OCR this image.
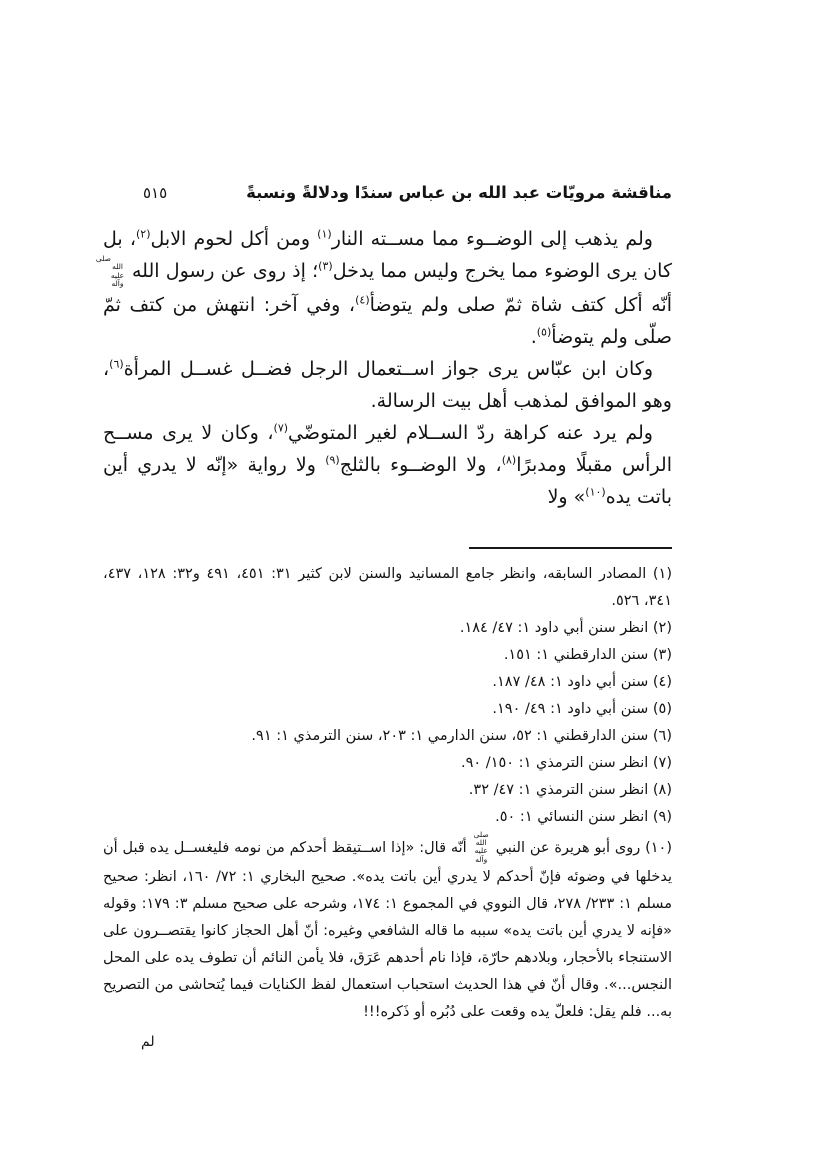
مناقشة مرويّات عبد الله بن عباس سندًا ودلالةً ونسبةً
٥١٥

ولم يذهب إلى الوضــوء مما مســته النار$^{(١)}$ ومن أكل لحوم الابل$^{(٢)}$، بل كان يرى الوضوء مما يخرج وليس مما يدخل$^{(٣)}$؛ إذ روى عن رسول اللهصلى الله عليه وآلهأنّه أكل كتف شاة ثمّ صلى ولم يتوضأ$^{(٤)}$، وفي آخر: انتهش من كتف ثمّ صلّى ولم يتوضأ$^{(٥)}$.

وكان ابن عبّاس يرى جواز اســتعمال الرجل فضــل غســل المرأة$^{(٦)}$، وهو الموافق لمذهب أهل بيت الرسالة.

ولم يرد عنه كراهة ردّ الســلام لغير المتوضّي$^{(٧)}$، وكان لا يرى مســح الرأس مقبلًا ومدبرًا$^{(٨)}$، ولا الوضــوء بالثلج$^{(٩)}$ ولا رواية «إنّه لا يدري أين باتت يده$^{(١٠)}$» ولا

(١) المصادر السابقه، وانظر جامع المسانيد والسنن لابن كثير ٣١: ٤٥١، ٤٩١ و٣٢: ١٢٨، ٤٣٧، ٣٤١، ٥٢٦.

(٢) انظر سنن أبي داود ١: ٤٧/ ١٨٤.

(٣) سنن الدارقطني ١: ١٥١.

(٤) سنن أبي داود ١: ٤٨/ ١٨٧.

(٥) سنن أبي داود ١: ٤٩/ ١٩٠.

(٦) سنن الدارقطني ١: ٥٢، سنن الدارمي ١: ٢٠٣، سنن الترمذي ١: ٩١.

(٧) انظر سنن الترمذي ١: ١٥٠/ ٩٠.

(٨) انظر سنن الترمذي ١: ٤٧/ ٣٢.

(٩) انظر سنن النسائي ١: ٥٠.

(١٠) روى أبو هريرة عن النبيصلى الله عليه وآلهأنّه قال: «إذا اســتيقظ أحدكم من نومه فليغســل يده قبل أن يدخلها في وضوئه فإنّ أحدكم لا يدري أين باتت يده». صحيح البخاري ١: ٧٢/ ١٦٠، انظر: صحيح مسلم ١: ٢٣٣/ ٢٧٨، قال النووي في المجموع ١: ١٧٤، وشرحه على صحيح مسلم ٣: ١٧٩: وقوله «فإنه لا يدري أين باتت يده» سببه ما قاله الشافعي وغيره: أنّ أهل الحجاز كانوا يقتصــرون على الاستنجاء بالأحجار، وبلادهم حارّة، فإذا نام أحدهم عَرَق، فلا يأمن النائم أن تطوف يده على المحل النجس...». وقال أنّ في هذا الحديث استحباب استعمال لفظ الكنايات فيما يُتحاشى من التصريح به... فلم يقل: فلعلّ يده وقعت على دُبُره أو ذَكره!!!

لم
